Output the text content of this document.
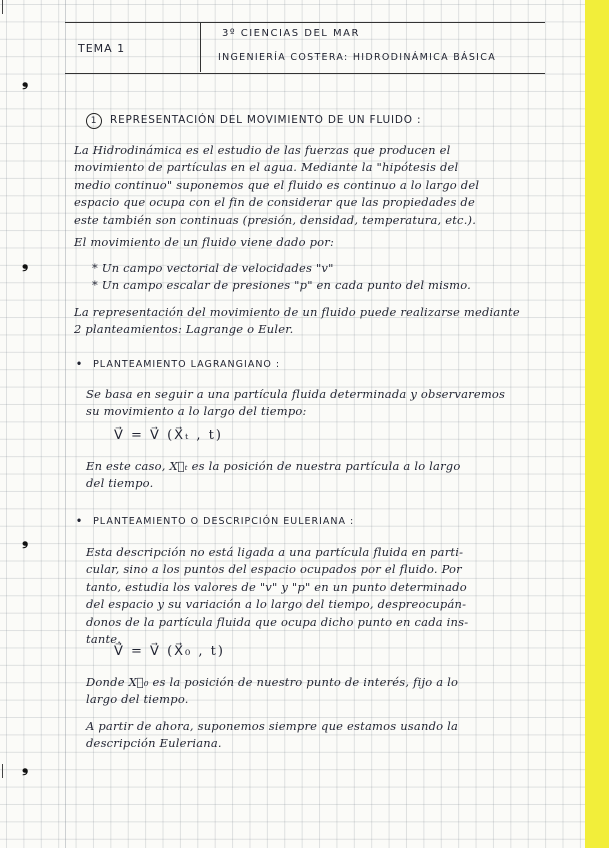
❟
❟
❟
❟
TEMA 1
3º CIENCIAS DEL MAR
INGENIERÍA COSTERA: HIDRODINÁMICA BÁSICA
1 REPRESENTACIÓN DEL MOVIMIENTO DE UN FLUIDO :
La Hidrodinámica es el estudio de las fuerzas que producen el
movimiento de partículas en el agua. Mediante la "hipótesis del
medio continuo" suponemos que el fluido es continuo a lo largo del
espacio que ocupa con el fin de considerar que las propiedades de
este también son continuas (presión, densidad, temperatura, etc.).
El movimiento de un fluido viene dado por:
* Un campo vectorial de velocidades "v"
* Un campo escalar de presiones "p" en cada punto del mismo.
La representación del movimiento de un fluido puede realizarse mediante
2 planteamientos: Lagrange o Euler.
• PLANTEAMIENTO LAGRANGIANO :
Se basa en seguir a una partícula fluida determinada y observaremos
su movimiento a lo largo del tiempo:
V⃗ = V⃗ (X⃗ₜ , t)
En este caso, X⃗ₜ es la posición de nuestra partícula a lo largo
del tiempo.
• PLANTEAMIENTO O DESCRIPCIÓN EULERIANA :
Esta descripción no está ligada a una partícula fluida en parti-
cular, sino a los puntos del espacio ocupados por el fluido. Por
tanto, estudia los valores de "v" y "p" en un punto determinado
del espacio y su variación a lo largo del tiempo, despreocupán-
donos de la partícula fluida que ocupa dicho punto en cada ins-
tante.
V⃗ = V⃗ (X⃗₀ , t)
Donde X⃗₀ es la posición de nuestro punto de interés, fijo a lo
largo del tiempo.
A partir de ahora, suponemos siempre que estamos usando la
descripción Euleriana.
